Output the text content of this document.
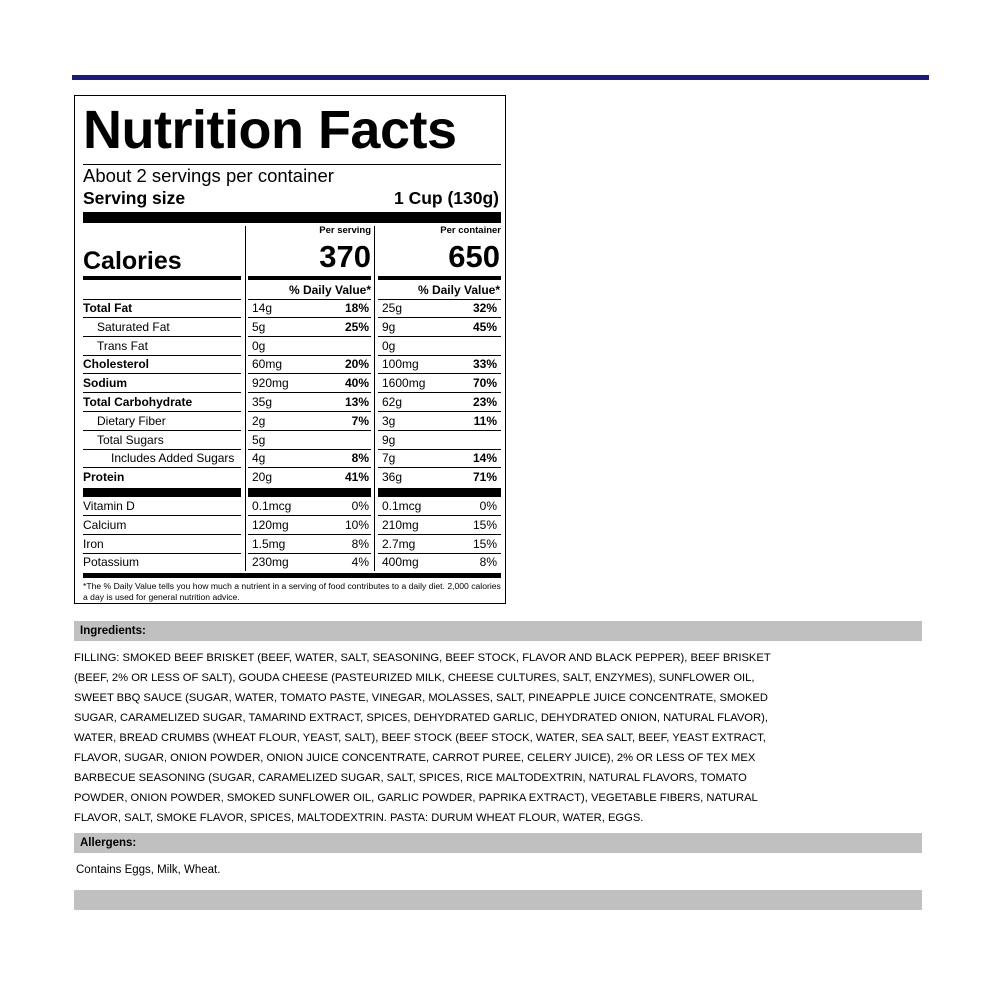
Nutrition Facts
About 2 servings per container
Serving size	1 Cup (130g)
Calories
Per serving	Per container
370 650
% Daily Value*	% Daily Value*
Total Fat	14g	18% 25g	32%
Saturated Fat	5g	25% 9g	45%
Trans Fat	0g	0g
Cholesterol	60mg	20% 100mg	33%
Sodium	920mg	40% 1600mg	70%
Total Carbohydrate	35g	13% 62g	23%
Dietary Fiber	2g	7% 3g	11%
Total Sugars	5g	9g
Includes Added Sugars 4g	8% 7g	14%
Protein	20g	41% 36g	71%
Vitamin D	0.1mcg	0% 0.1mcg	0%
Calcium	120mg	10% 210mg	15%
Iron	1.5mg	8% 2.7mg	15%
Potassium	230mg	4% 400mg	8%
*The % Daily Value tells you how much a nutrient in a serving of food contributes to a daily diet. 2,000 calories a day is used for general nutrition advice.
Ingredients:
FILLING: SMOKED BEEF BRISKET (BEEF, WATER, SALT, SEASONING, BEEF STOCK, FLAVOR AND BLACK PEPPER), BEEF BRISKET (BEEF, 2% OR LESS OF SALT), GOUDA CHEESE (PASTEURIZED MILK, CHEESE CULTURES, SALT, ENZYMES), SUNFLOWER OIL, SWEET BBQ SAUCE (SUGAR, WATER, TOMATO PASTE, VINEGAR, MOLASSES, SALT, PINEAPPLE JUICE CONCENTRATE, SMOKED SUGAR, CARAMELIZED SUGAR, TAMARIND EXTRACT, SPICES, DEHYDRATED GARLIC, DEHYDRATED ONION, NATURAL FLAVOR), WATER, BREAD CRUMBS (WHEAT FLOUR, YEAST, SALT), BEEF STOCK (BEEF STOCK, WATER, SEA SALT, BEEF, YEAST EXTRACT, FLAVOR, SUGAR, ONION POWDER, ONION JUICE CONCENTRATE, CARROT PUREE, CELERY JUICE), 2% OR LESS OF TEX MEX BARBECUE SEASONING (SUGAR, CARAMELIZED SUGAR, SALT, SPICES, RICE MALTODEXTRIN, NATURAL FLAVORS, TOMATO POWDER, ONION POWDER, SMOKED SUNFLOWER OIL, GARLIC POWDER, PAPRIKA EXTRACT), VEGETABLE FIBERS, NATURAL FLAVOR, SALT, SMOKE FLAVOR, SPICES, MALTODEXTRIN. PASTA: DURUM WHEAT FLOUR, WATER, EGGS.
Allergens:
Contains Eggs, Milk, Wheat.
